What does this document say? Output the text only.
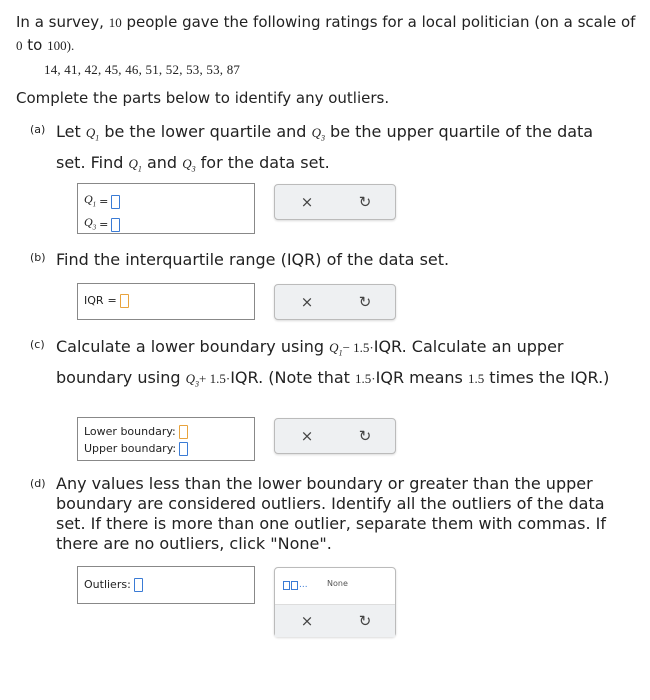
In a survey, 10 people gave the following ratings for a local politician (on a scale of 0 to 100).
14, 41, 42, 45, 46, 51, 52, 53, 53, 87
Complete the parts below to identify any outliers.
(a) Let $Q_1$ be the lower quartile and $Q_3$ be the upper quartile of the data set. Find $Q_1$ and $Q_3$ for the data set.
$Q_1$ =
$Q_3$ =
×	↻
(b) Find the interquartile range (IQR) of the data set.
IQR =	×	↻
(c) Calculate a lower boundary using $Q_1- 1.5\cdot IQR$. Calculate an upper boundary using $Q_3+ 1.5\cdot IQR$. (Note that 1.5·IQR means 1.5 times the IQR.)
Lower boundary:
Upper boundary:
×	↻
(d) Any values less than the lower boundary or greater than the upper boundary are considered outliers. Identify all the outliers of the data set. If there is more than one outlier, separate them with commas. If there are no outliers, click "None".
Outliers:	... None
×	↻
